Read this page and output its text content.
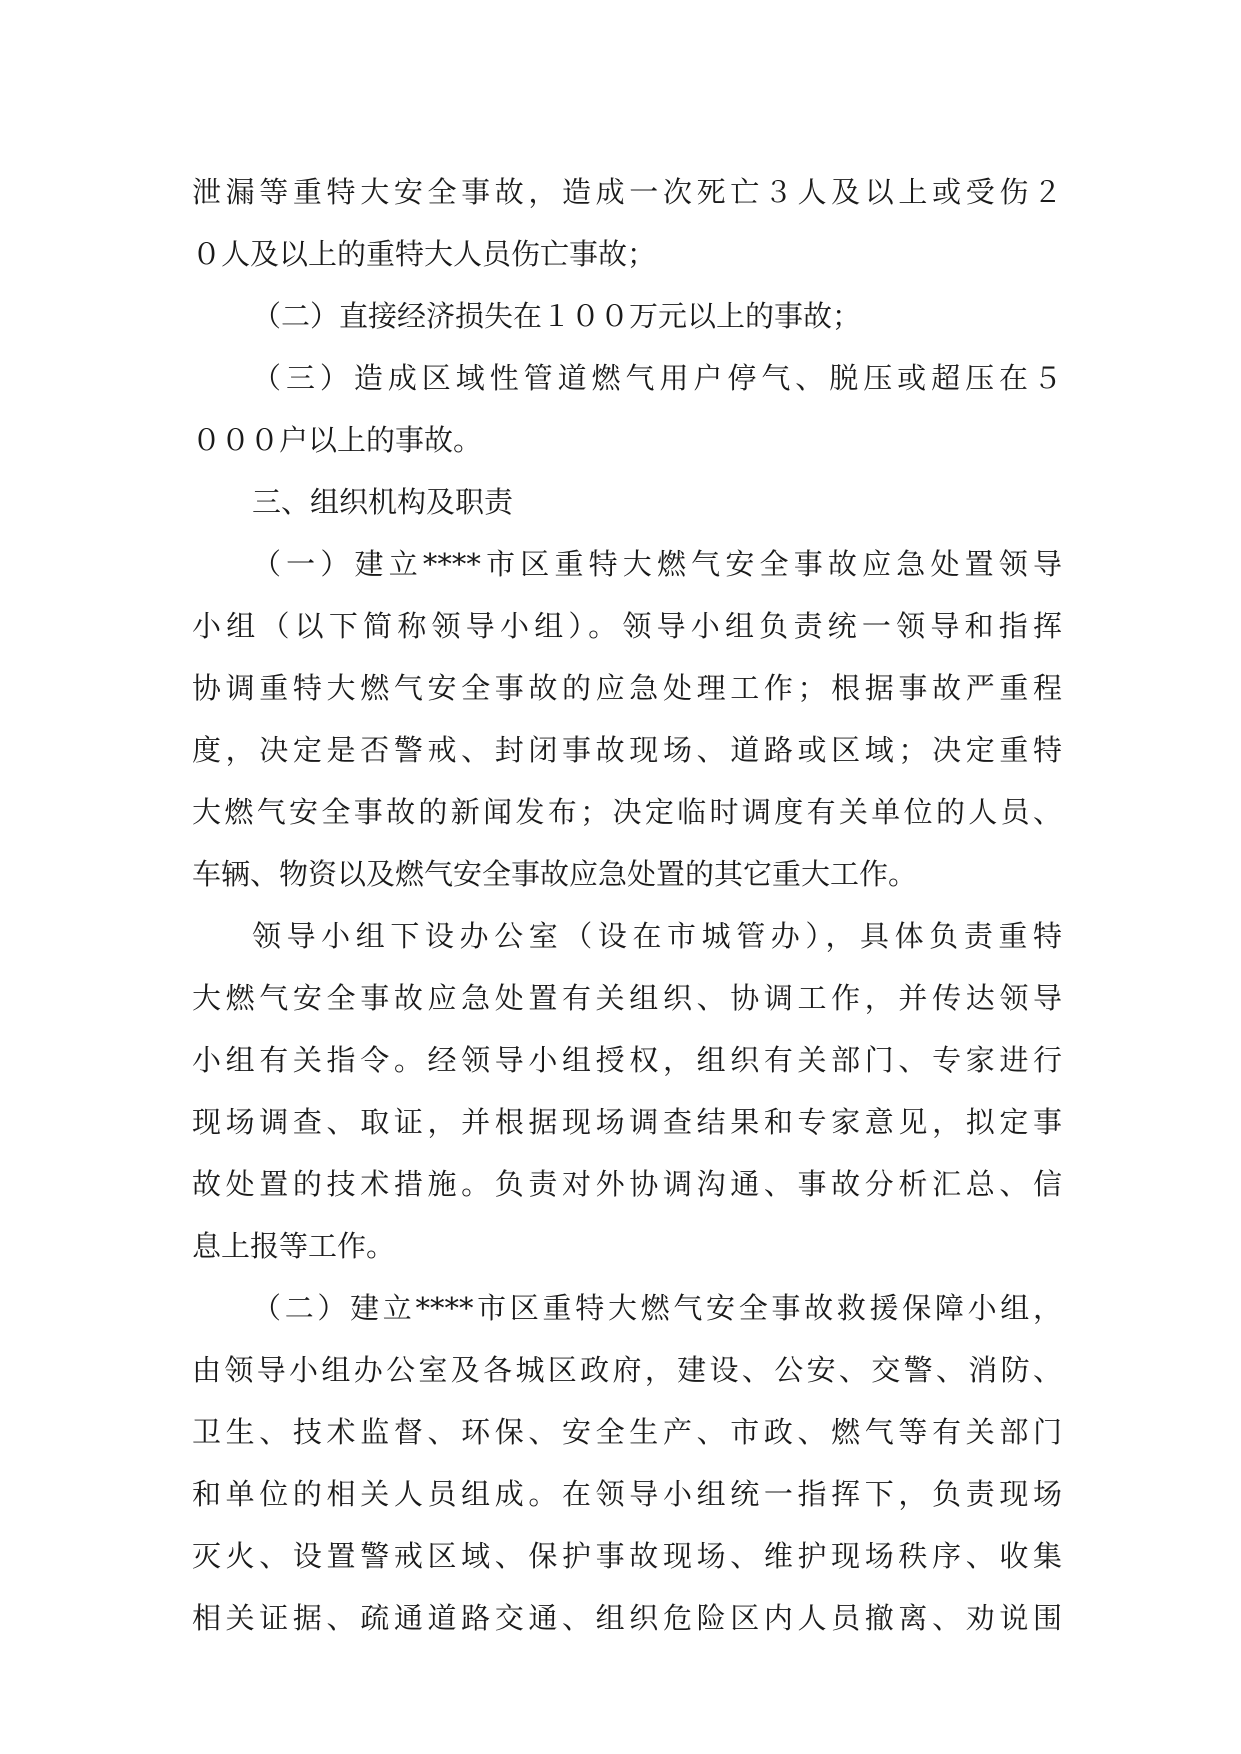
泄漏等重特大安全事故，造成一次死亡３人及以上或受伤２
０人及以上的重特大人员伤亡事故；
（二）直接经济损失在１００万元以上的事故；
（三）造成区域性管道燃气用户停气、脱压或超压在５
０００户以上的事故。
三、组织机构及职责
（一）建立****市区重特大燃气安全事故应急处置领导
小组（以下简称领导小组）。领导小组负责统一领导和指挥
协调重特大燃气安全事故的应急处理工作；根据事故严重程
度，决定是否警戒、封闭事故现场、道路或区域；决定重特
大燃气安全事故的新闻发布；决定临时调度有关单位的人员、
车辆、物资以及燃气安全事故应急处置的其它重大工作。
领导小组下设办公室（设在市城管办），具体负责重特
大燃气安全事故应急处置有关组织、协调工作，并传达领导
小组有关指令。经领导小组授权，组织有关部门、专家进行
现场调查、取证，并根据现场调查结果和专家意见，拟定事
故处置的技术措施。负责对外协调沟通、事故分析汇总、信
息上报等工作。
（二）建立****市区重特大燃气安全事故救援保障小组，
由领导小组办公室及各城区政府，建设、公安、交警、消防、
卫生、技术监督、环保、安全生产、市政、燃气等有关部门
和单位的相关人员组成。在领导小组统一指挥下，负责现场
灭火、设置警戒区域、保护事故现场、维护现场秩序、收集
相关证据、疏通道路交通、组织危险区内人员撤离、劝说围
